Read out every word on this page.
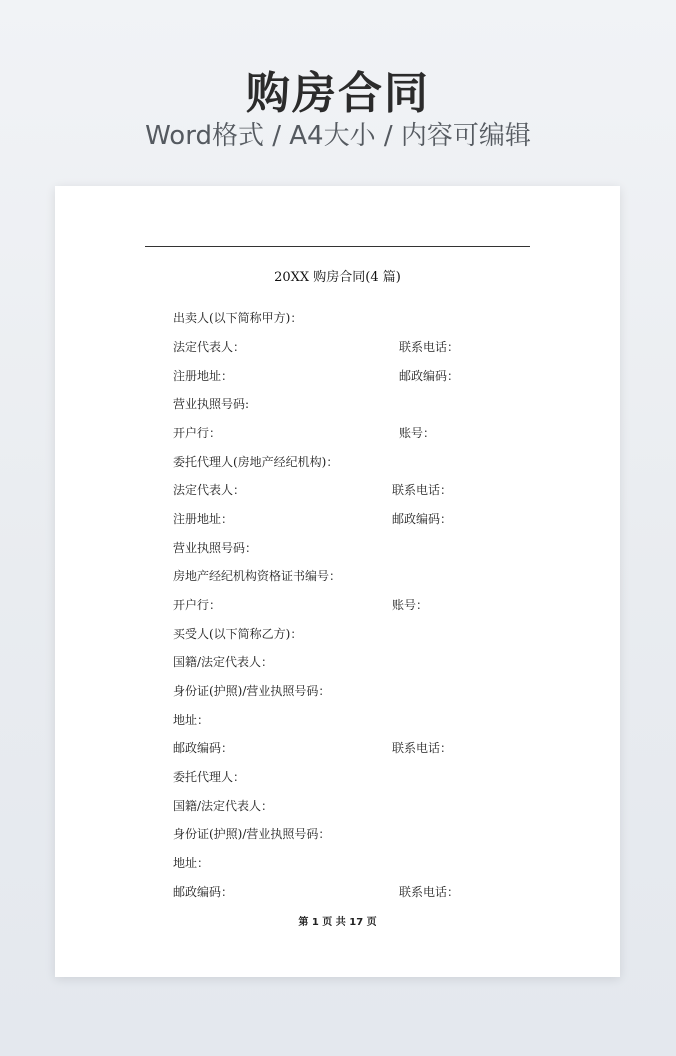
购房合同
Word格式 / A4大小 / 内容可编辑
20XX 购房合同(4 篇)
出卖人(以下简称甲方)：
法定代表人：	联系电话：
注册地址：	邮政编码：
营业执照号码:
开户行：	账号：
委托代理人(房地产经纪机构)：
法定代表人：	联系电话：
注册地址：	邮政编码：
营业执照号码：
房地产经纪机构资格证书编号：
开户行：	账号：
买受人(以下简称乙方)：
国籍/法定代表人：
身份证(护照)/营业执照号码：
地址：
邮政编码：	联系电话：
委托代理人：
国籍/法定代表人：
身份证(护照)/营业执照号码：
地址：
邮政编码：	联系电话：
第 1 页 共 17 页
